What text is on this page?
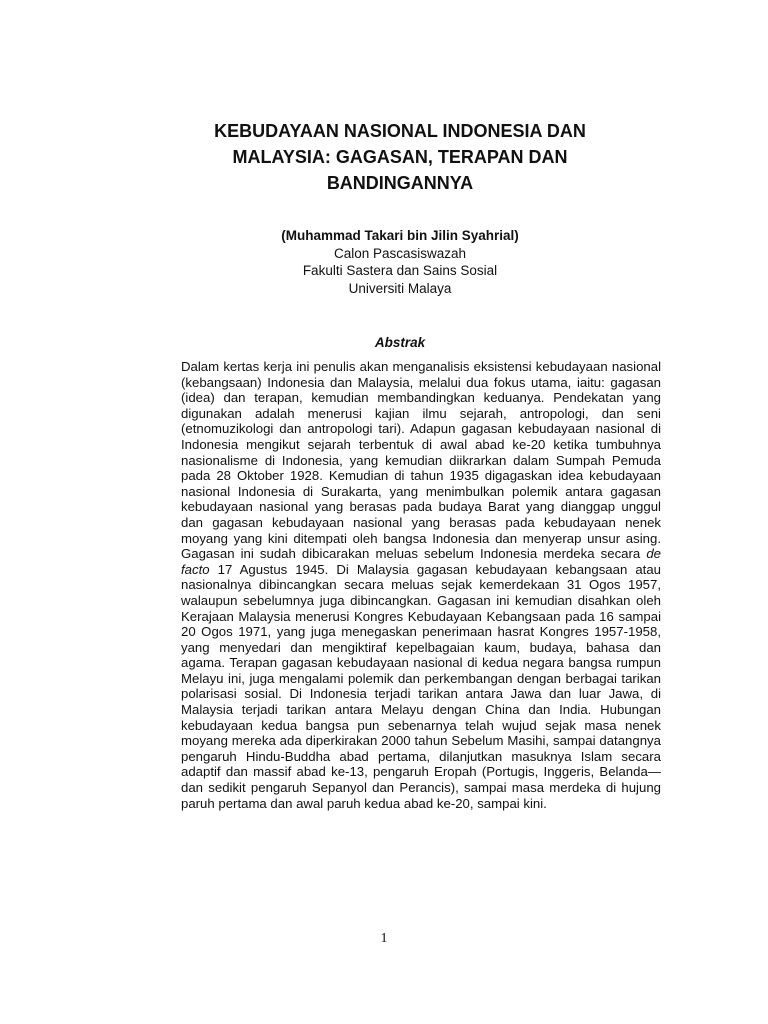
KEBUDAYAAN NASIONAL INDONESIA DAN
MALAYSIA: GAGASAN, TERAPAN DAN
BANDINGANNYA
(Muhammad Takari bin Jilin Syahrial)
Calon Pascasiswazah
Fakulti Sastera dan Sains Sosial
Universiti Malaya
Abstrak

Dalam kertas kerja ini penulis akan menganalisis eksistensi kebudayaan nasional (kebangsaan) Indonesia dan Malaysia, melalui dua fokus utama, iaitu: gagasan (idea) dan terapan, kemudian membandingkan keduanya. Pendekatan yang digunakan adalah menerusi kajian ilmu sejarah, antropologi, dan seni (etnomuzikologi dan antropologi tari). Adapun gagasan kebudayaan nasional di Indonesia mengikut sejarah terbentuk di awal abad ke-20 ketika tumbuhnya nasionalisme di Indonesia, yang kemudian diikrarkan dalam Sumpah Pemuda pada 28 Oktober 1928. Kemudian di tahun 1935 digagaskan idea kebudayaan nasional Indonesia di Surakarta, yang menimbulkan polemik antara gagasan kebudayaan nasional yang berasas pada budaya Barat yang dianggap unggul dan gagasan kebudayaan nasional yang berasas pada kebudayaan nenek moyang yang kini ditempati oleh bangsa Indonesia dan menyerap unsur asing. Gagasan ini sudah dibicarakan meluas sebelum Indonesia merdeka secara de facto 17 Agustus 1945. Di Malaysia gagasan kebudayaan kebangsaan atau nasionalnya dibincangkan secara meluas sejak kemerdekaan 31 Ogos 1957, walaupun sebelumnya juga dibincangkan. Gagasan ini kemudian disahkan oleh Kerajaan Malaysia menerusi Kongres Kebudayaan Kebangsaan pada 16 sampai 20 Ogos 1971, yang juga menegaskan penerimaan hasrat Kongres 1957-1958, yang menyedari dan mengiktiraf kepelbagaian kaum, budaya, bahasa dan agama. Terapan gagasan kebudayaan nasional di kedua negara bangsa rumpun Melayu ini, juga mengalami polemik dan perkembangan dengan berbagai tarikan polarisasi sosial. Di Indonesia terjadi tarikan antara Jawa dan luar Jawa, di Malaysia terjadi tarikan antara Melayu dengan China dan India. Hubungan kebudayaan kedua bangsa pun sebenarnya telah wujud sejak masa nenek moyang mereka ada diperkirakan 2000 tahun Sebelum Masihi, sampai datangnya pengaruh Hindu-Buddha abad pertama, dilanjutkan masuknya Islam secara adaptif dan massif abad ke-13, pengaruh Eropah (Portugis, Inggeris, Belanda—dan sedikit pengaruh Sepanyol dan Perancis), sampai masa merdeka di hujung paruh pertama dan awal paruh kedua abad ke-20, sampai kini.

1
